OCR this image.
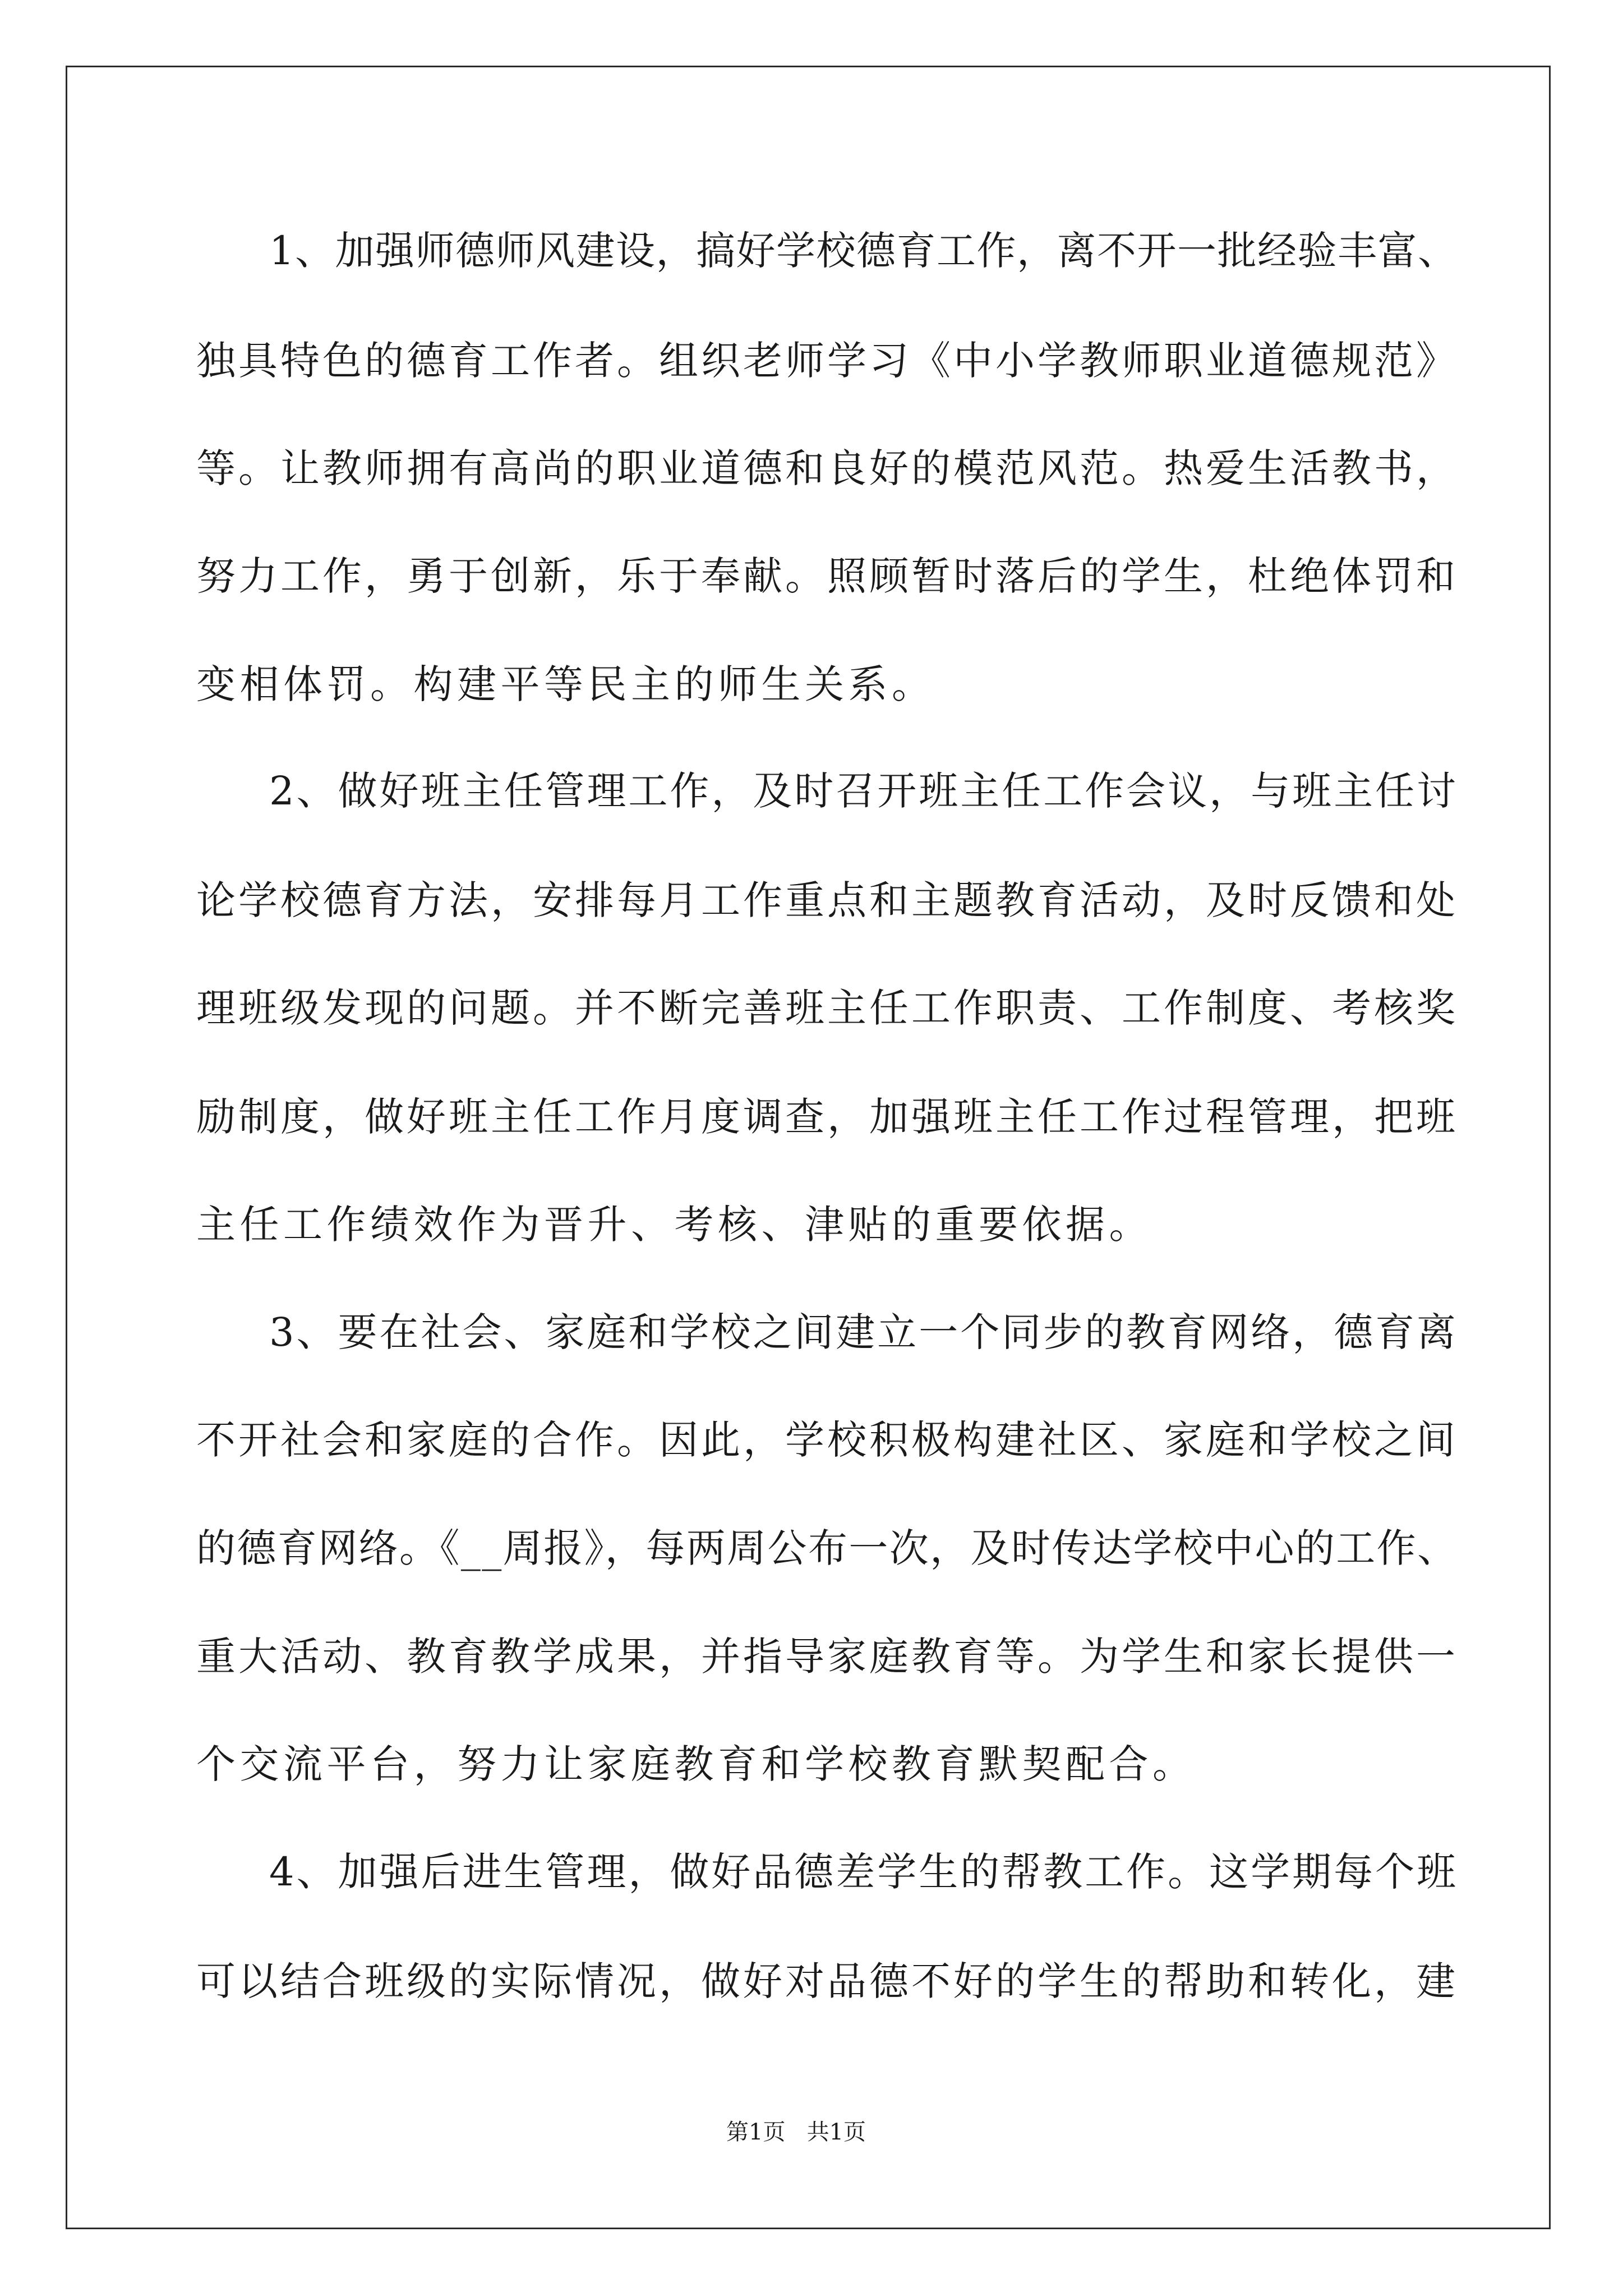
1、加强师德师风建设，搞好学校德育工作，离不开一批经验丰富、
独具特色的德育工作者。组织老师学习《中小学教师职业道德规范》
等。让教师拥有高尚的职业道德和良好的模范风范。热爱生活教书，
努力工作，勇于创新，乐于奉献。照顾暂时落后的学生，杜绝体罚和
变相体罚。构建平等民主的师生关系。
2、做好班主任管理工作，及时召开班主任工作会议，与班主任讨
论学校德育方法，安排每月工作重点和主题教育活动，及时反馈和处
理班级发现的问题。并不断完善班主任工作职责、工作制度、考核奖
励制度，做好班主任工作月度调查，加强班主任工作过程管理，把班
主任工作绩效作为晋升、考核、津贴的重要依据。
3、要在社会、家庭和学校之间建立一个同步的教育网络，德育离
不开社会和家庭的合作。因此，学校积极构建社区、家庭和学校之间
的德育网络。《__周报》，每两周公布一次，及时传达学校中心的工作、
重大活动、教育教学成果，并指导家庭教育等。为学生和家长提供一
个交流平台，努力让家庭教育和学校教育默契配合。
4、加强后进生管理，做好品德差学生的帮教工作。这学期每个班
可以结合班级的实际情况，做好对品德不好的学生的帮助和转化，建
第1页   共1页
